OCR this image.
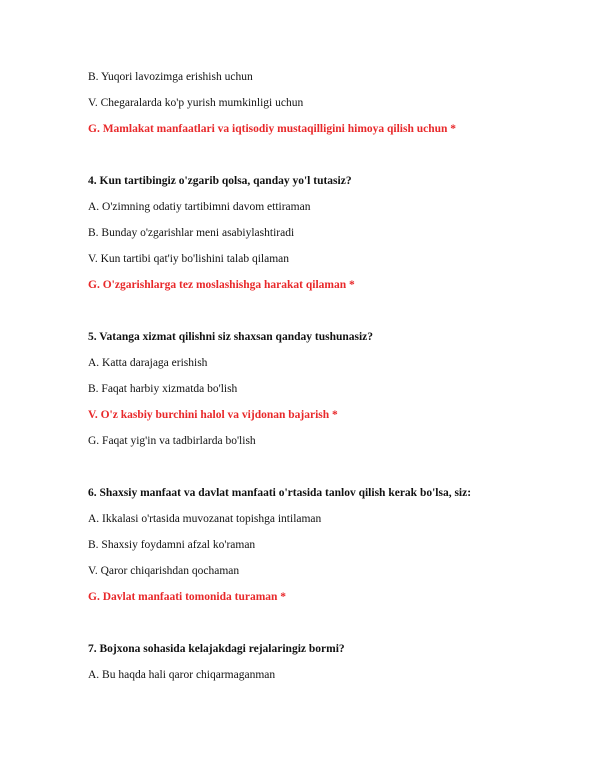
B. Yuqori lavozimga erishish uchun
V. Chegaralarda ko'p yurish mumkinligi uchun
G. Mamlakat manfaatlari va iqtisodiy mustaqilligini himoya qilish uchun *
4. Kun tartibingiz o'zgarib qolsa, qanday yo'l tutasiz?
A. O'zimning odatiy tartibimni davom ettiraman
B. Bunday o'zgarishlar meni asabiylashtiradi
V. Kun tartibi qat'iy bo'lishini talab qilaman
G. O'zgarishlarga tez moslashishga harakat qilaman *
5. Vatanga xizmat qilishni siz shaxsan qanday tushunasiz?
A. Katta darajaga erishish
B. Faqat harbiy xizmatda bo'lish
V. O'z kasbiy burchini halol va vijdonan bajarish *
G. Faqat yig'in va tadbirlarda bo'lish
6. Shaxsiy manfaat va davlat manfaati o'rtasida tanlov qilish kerak bo'lsa, siz:
A. Ikkalasi o'rtasida muvozanat topishga intilaman
B. Shaxsiy foydamni afzal ko'raman
V. Qaror chiqarishdan qochaman
G. Davlat manfaati tomonida turaman *
7. Bojxona sohasida kelajakdagi rejalaringiz bormi?
A. Bu haqda hali qaror chiqarmaganman
